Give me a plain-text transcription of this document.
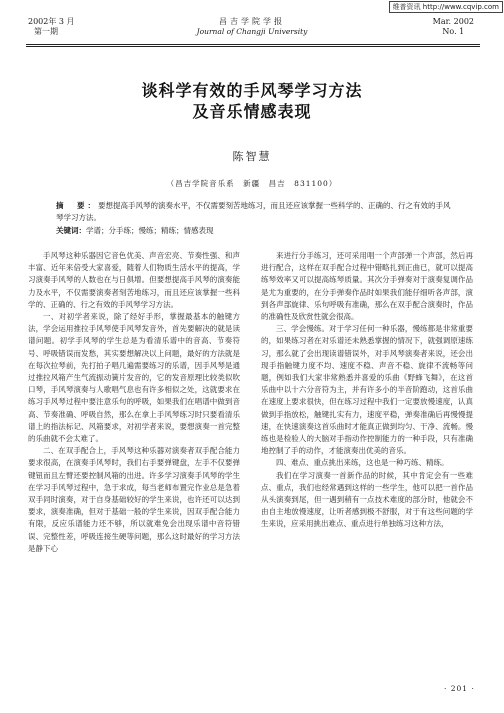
维普资讯 http://www.cqvip.com
2002年 3 月
第一期
昌吉学院学报
Journal of Changji University
Mar. 2002
No. 1
谈科学有效的手风琴学习方法
及音乐情感表现
陈智慧
（昌吉学院音乐系　新疆　昌吉　831100）
摘　要：要想提高手风琴的演奏水平，不仅需要刻苦地练习，而且还应该掌握一些科学的、正确的、行之有效的手风琴学习方法。
关键词：学谱；分手练；慢练；精练；情感表现

手风琴这种乐器因它音色优美、声音宏亮、节奏性强、和声丰富、近年来倍受大家喜爱，随着人们物质生活水平的提高，学习演奏手风琴的人数也在与日俱增。但要想提高手风琴的演奏能力及水平，不仅需要演奏者刻苦地练习，而且还应该掌握一些科学的、正确的、行之有效的手风琴学习方法。

一、对初学者来说，除了经好手形，掌握最基本的触键方法，学会运用推拉手风琴使手风琴发音外，首先要解决的就是读谱问题。初学手风琴的学生总是为看清乐谱中的音高、节奏符号、呼吸错误而发愁，其实要想解决以上问题，最好的方法就是在每次拉琴前，先打拍子唱几遍需要练习的乐谱，因手风琴是通过推拉风箱产生气流振动簧片发音的，它的发音原理比较类似吹口琴，手风琴演奏与人歌唱气息也有许多相似之处，这就要求在练习手风琴过程中要注意乐句的呼吸，如果我们在唱谱中做到音高、节奏准确、呼吸自然，那么在拿上手风琴练习时只要看清乐谱上的指法标记、风箱要求，对初学者来说，要想演奏一首完整的乐曲就不会太难了。

二、在双手配合上，手风琴这种乐器对演奏者双手配合能力要求很高，在演奏手风琴时，我们右手要弹键盘，左手不仅要弹键钮而且左臂还要控制风箱的出进。许多学习演奏手风琴的学生在学习手风琴过程中，急于求成，每当老师布置完作业总是急着双手同时演奏，对于自身基础较好的学生来说，也许还可以达到要求，演奏准确，但对于基础一般的学生来说，因双手配合能力有限，反应乐谱能力还不够，所以就难免会出现乐谱中音符错误、完整性差，呼吸连接生硬等问题，那么这时最好的学习方法是静下心

来进行分手练习，还可采用唱一个声部弹一个声部，然后再进行配合，这样在双手配合过程中错略扎到正曲已，就可以提高练琴效率又可以提高练琴质量。其次分手弹奏对于演奏复调作品是尤为重要的，在分手弹奏作品时如果我们能仔细听各声部，演到各声部旋律、乐句呼吸有准确，那么在双手配合演奏时，作品的准确性及欣赏性就会很高。

三、学会慢练。对于学习任何一种乐器，慢练都是非常重要的，如果练习者在对乐谱还未熟悉掌握的情况下，就强调原速练习，那么就了会出现读谱错误外，对手风琴演奏者来说，还会出现手指触键力度不均、速度不稳、声音不稳、旋律不流畅等问题，例如我们大家非常熟悉并喜爱的乐曲《野蜂飞舞》，在这首乐曲中以十六分音符为主，并有许多小的半音阶跑动，这首乐曲在速度上要求很快，但在练习过程中我们一定要放慢速度，认真做到手指放松，触键扎实有力，速度平稳，弹奏准确后再慢慢提速，在快速演奏这首乐曲时才能真正做到均匀、干净、流畅。慢练也是检验人的大脑对手指动作控制能力的一种手段，只有准确地控制了手的动作，才能演奏出优美的音乐。

四、难点、重点挑出来练，这也是一种巧练、精练。

我们在学习演奏一首新作品的时候，其中肯定会有一些难点、重点，我们也经常遇到这样的一些学生，他可以把一首作品从头演奏到尾，但一遇到稍有一点技术难度的部分时，他就会不由自主地放慢速度，让听者感到极不舒服，对于有这些问题的学生来说，应采用挑出难点、重点进行单独练习这种方法，

· 201 ·
